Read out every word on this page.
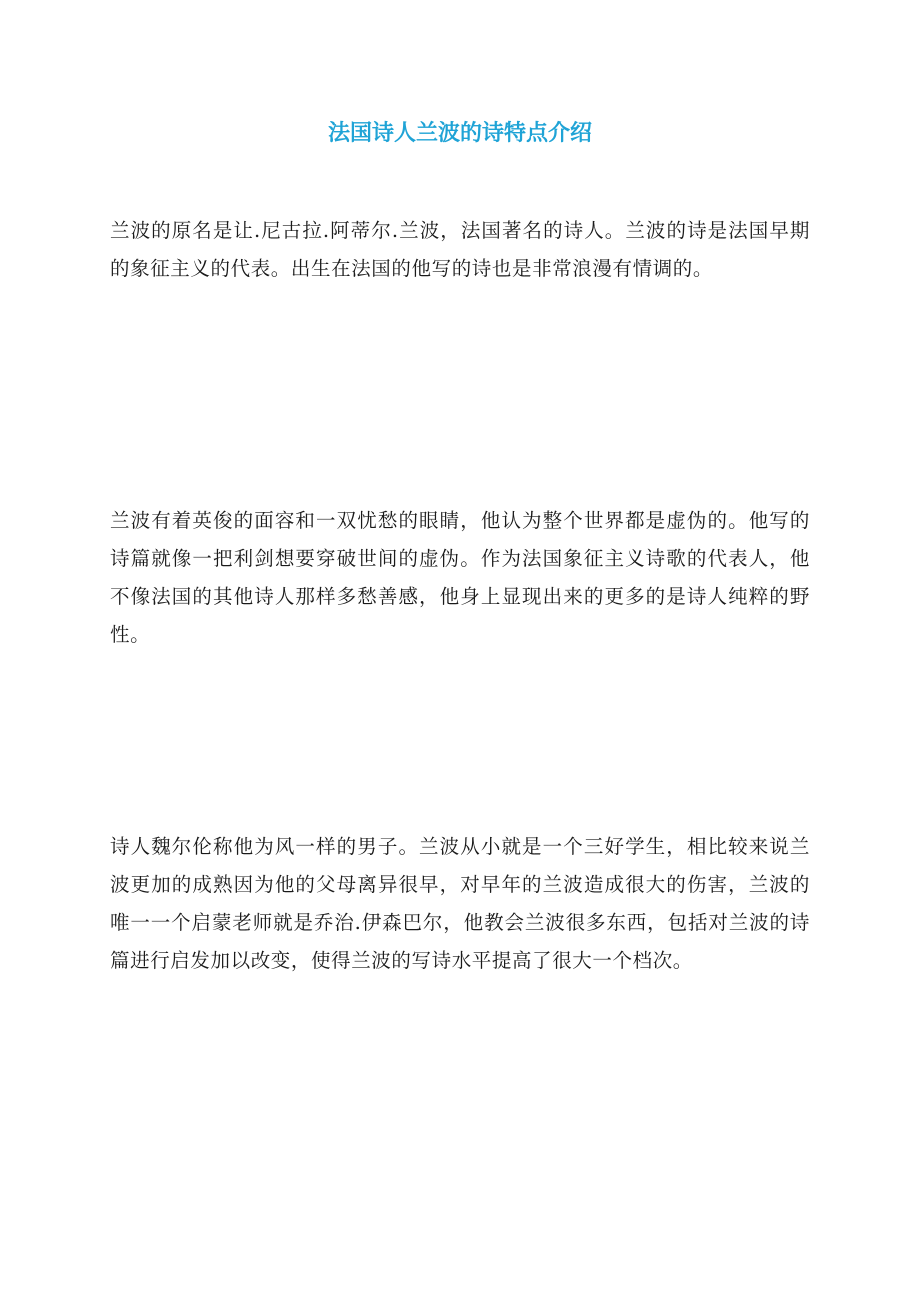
法国诗人兰波的诗特点介绍

兰波的原名是让.尼古拉.阿蒂尔.兰波，法国著名的诗人。兰波的诗是法国早期的象征主义的代表。出生在法国的他写的诗也是非常浪漫有情调的。

兰波有着英俊的面容和一双忧愁的眼睛，他认为整个世界都是虚伪的。他写的诗篇就像一把利剑想要穿破世间的虚伪。作为法国象征主义诗歌的代表人，他不像法国的其他诗人那样多愁善感，他身上显现出来的更多的是诗人纯粹的野性。

诗人魏尔伦称他为风一样的男子。兰波从小就是一个三好学生，相比较来说兰波更加的成熟因为他的父母离异很早，对早年的兰波造成很大的伤害，兰波的唯一一个启蒙老师就是乔治.伊森巴尔，他教会兰波很多东西，包括对兰波的诗篇进行启发加以改变，使得兰波的写诗水平提高了很大一个档次。
